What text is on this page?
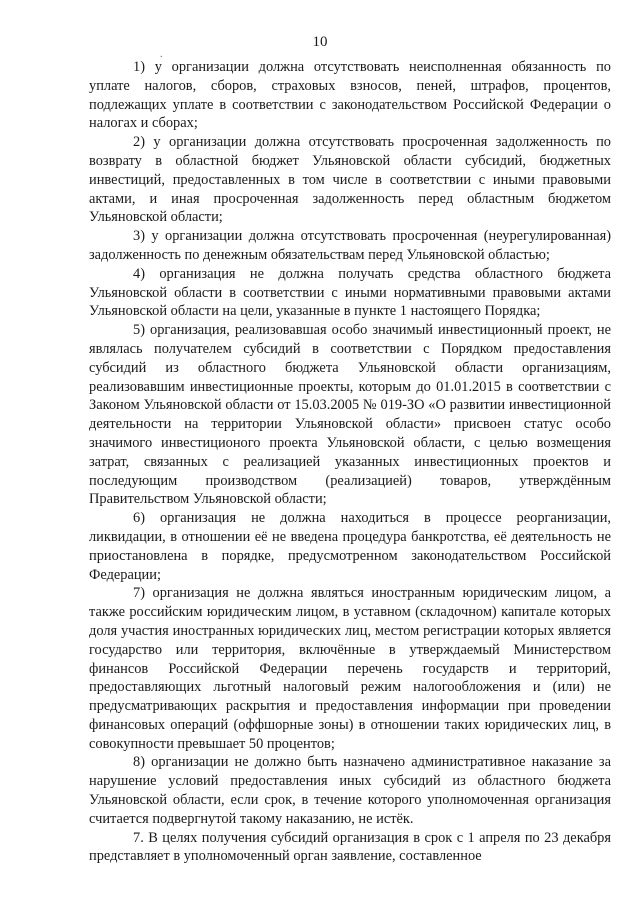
10
.

1) у организации должна отсутствовать неисполненная обязанность по уплате налогов, сборов, страховых взносов, пеней, штрафов, процентов, подлежащих уплате в соответствии с законодательством Российской Федерации о налогах и сборах;

2) у организации должна отсутствовать просроченная задолженность по возврату в областной бюджет Ульяновской области субсидий, бюджетных инвестиций, предоставленных в том числе в соответствии с иными правовыми актами, и иная просроченная задолженность перед областным бюджетом Ульяновской области;

3) у организации должна отсутствовать просроченная (неурегулированная) задолженность по денежным обязательствам перед Ульяновской областью;

4) организация не должна получать средства областного бюджета Ульяновской области в соответствии с иными нормативными правовыми актами Ульяновской области на цели, указанные в пункте 1 настоящего Порядка;

5) организация, реализовавшая особо значимый инвестиционный проект, не являлась получателем субсидий в соответствии с Порядком предоставления субсидий из областного бюджета Ульяновской области организациям, реализовавшим инвестиционные проекты, которым до 01.01.2015 в соответствии с Законом Ульяновской области от 15.03.2005 № 019-ЗО «О развитии инвестиционной деятельности на территории Ульяновской области» присвоен статус особо значимого инвестиционого проекта Ульяновской области, с целью возмещения затрат, связанных с реализацией указанных инвестиционных проектов и последующим производством (реализацией) товаров, утверждённым Правительством Ульяновской области;

6) организация не должна находиться в процессе реорганизации, ликвидации, в отношении её не введена процедура банкротства, её деятельность не приостановлена в порядке, предусмотренном законодательством Российской Федерации;

7) организация не должна являться иностранным юридическим лицом, а также российским юридическим лицом, в уставном (складочном) капитале которых доля участия иностранных юридических лиц, местом регистрации которых является государство или территория, включённые в утверждаемый Министерством финансов Российской Федерации перечень государств и территорий, предоставляющих льготный налоговый режим налогообложения и (или) не предусматривающих раскрытия и предоставления информации при проведении финансовых операций (оффшорные зоны) в отношении таких юридических лиц, в совокупности превышает 50 процентов;

8) организации не должно быть назначено административное наказание за нарушение условий предоставления иных субсидий из областного бюджета Ульяновской области, если срок, в течение которого уполномоченная организация считается подвергнутой такому наказанию, не истёк.

7. В целях получения субсидий организация в срок с 1 апреля по 23 декабря представляет в уполномоченный орган заявление, составленное
